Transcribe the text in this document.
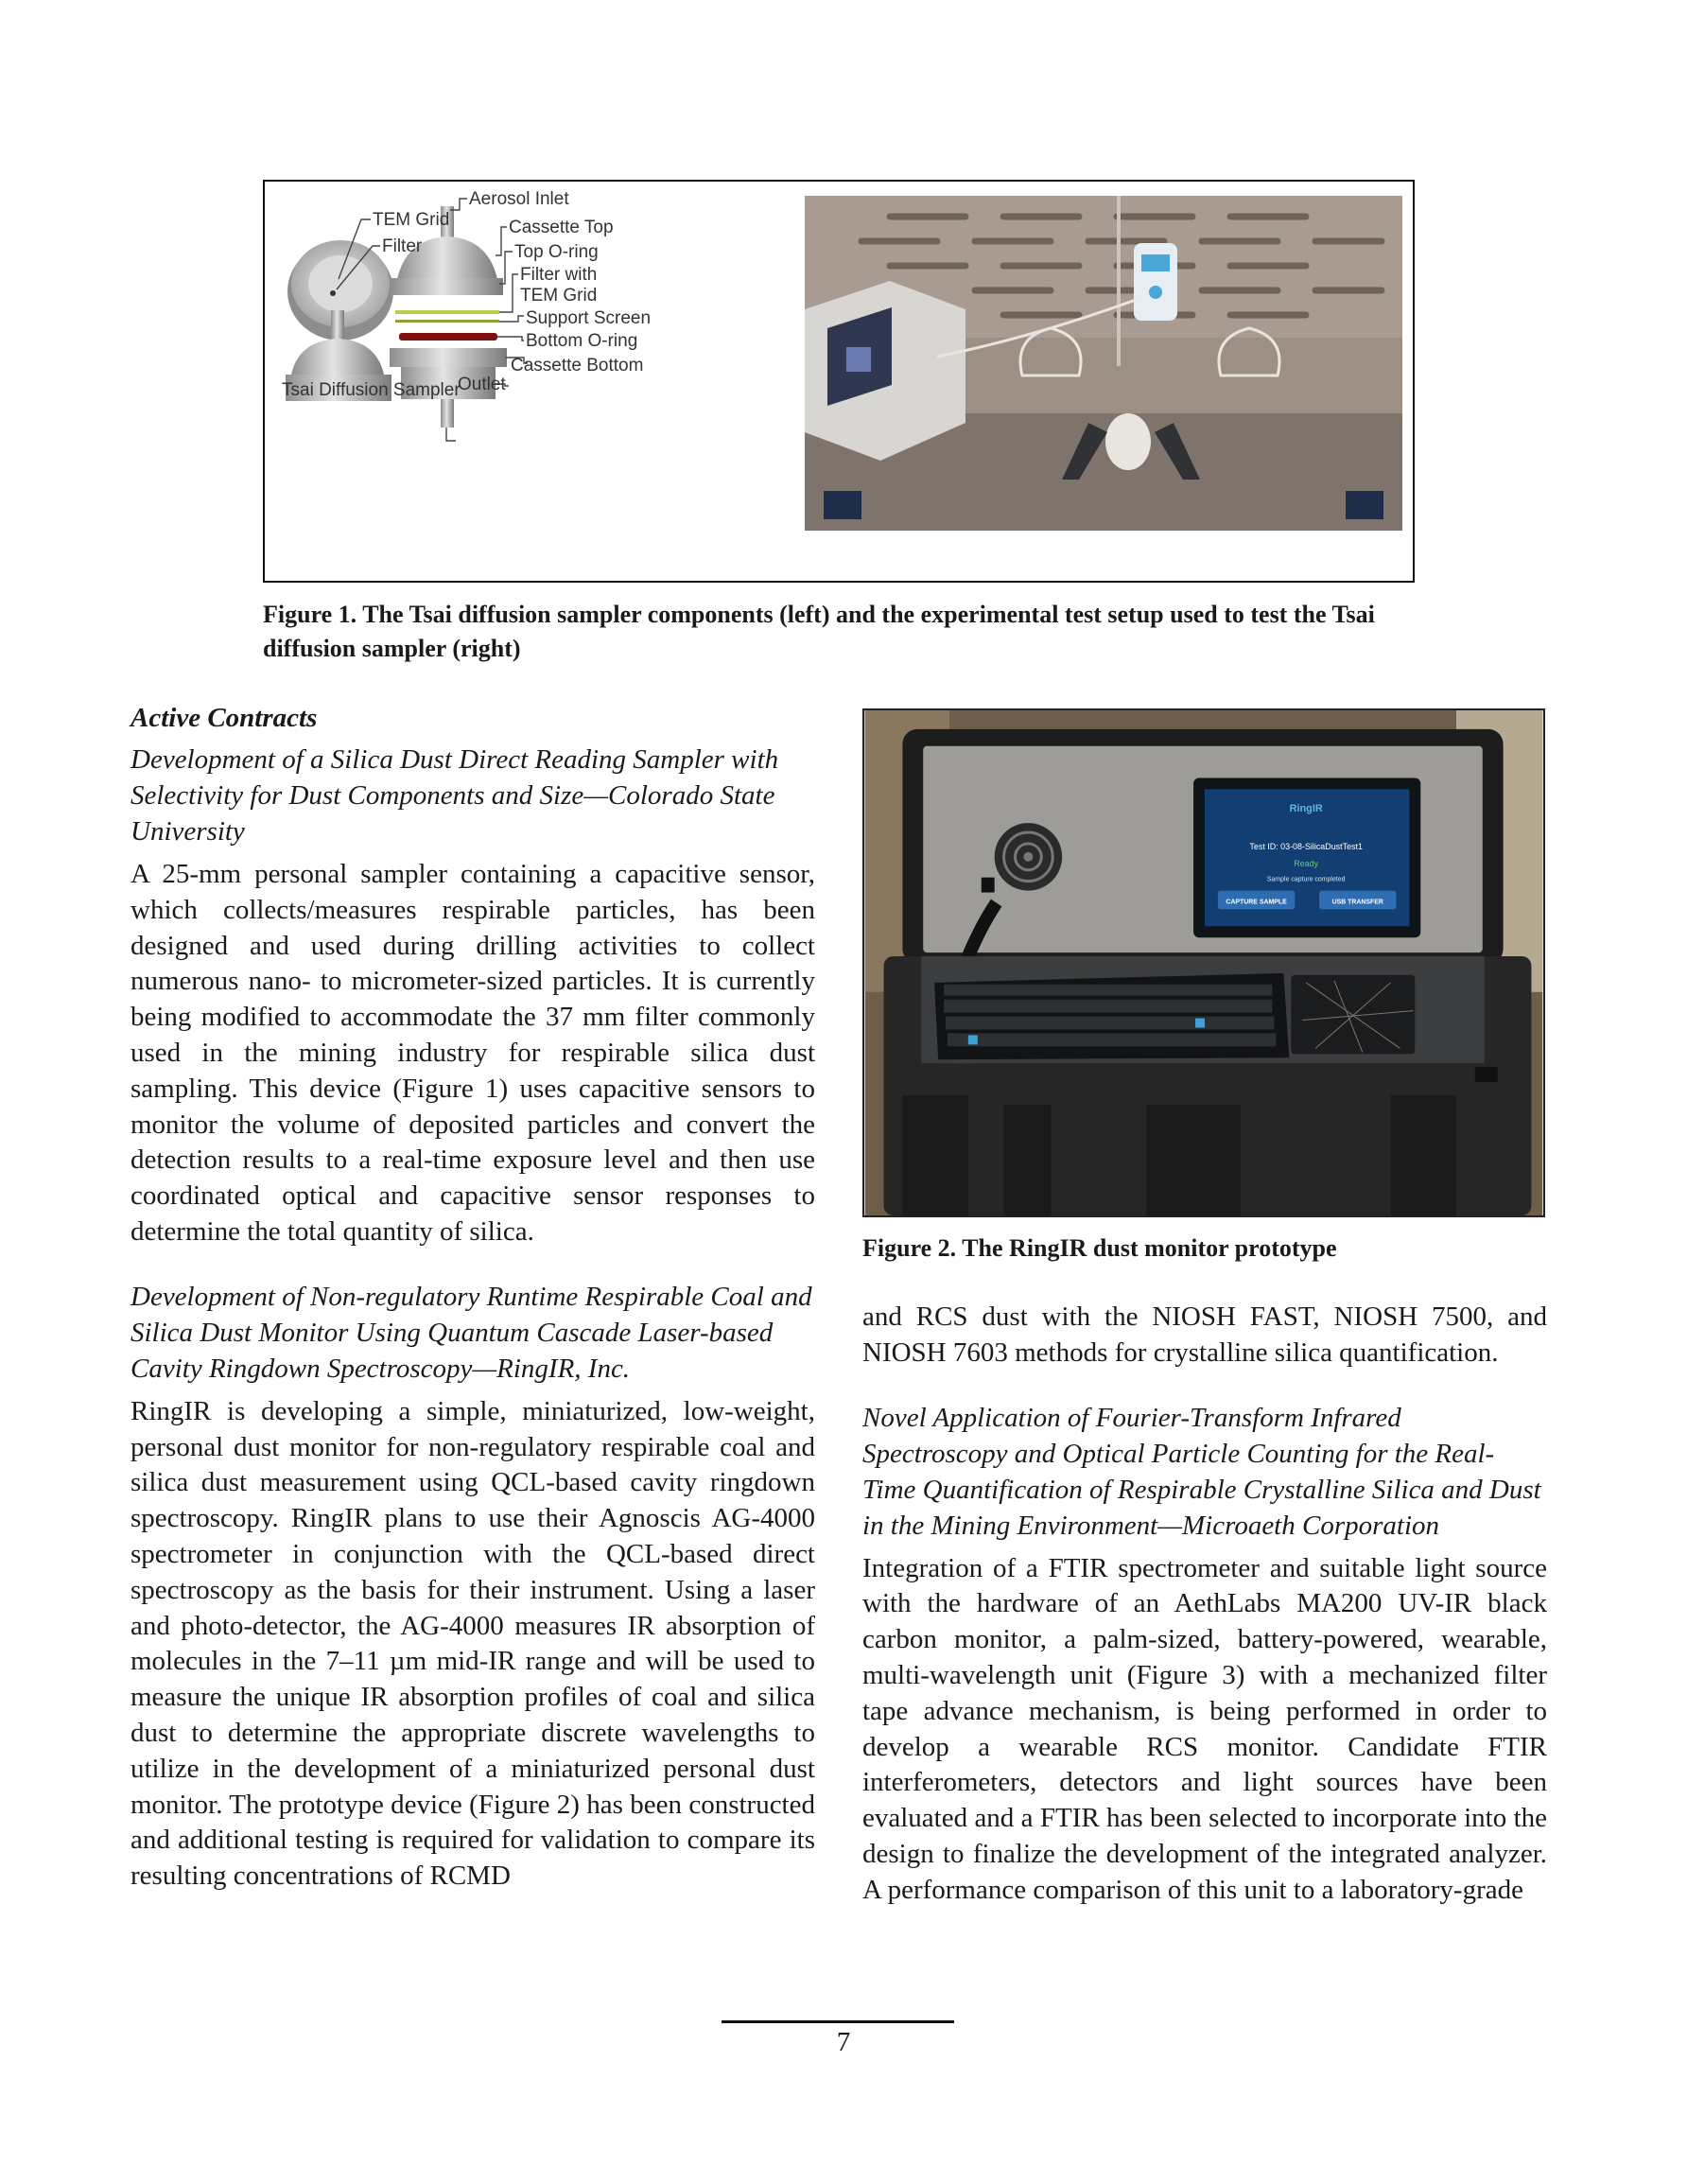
TEM Grid
Filter
Aerosol Inlet
Cassette Top
Top O-ring
Filter with
TEM Grid
Support Screen
Bottom O-ring
Cassette Bottom
Tsai Diffusion Sampler
Outlet
Figure 1. The Tsai diffusion sampler components (left) and the experimental test setup used to test the Tsai diffusion sampler (right)
RingIR
Test ID: 03-08-SilicaDustTest1
Ready
Sample capture completed
CAPTURE SAMPLE	USB TRANSFER
Figure 2. The RingIR dust monitor prototype
Active Contracts

Development of a Silica Dust Direct Reading Sampler with Selectivity for Dust Components and Size—Colorado State University

A 25-mm personal sampler containing a capacitive sensor, which collects/measures respirable particles, has been designed and used during drilling activities to collect numerous nano- to micrometer-sized particles. It is currently being modified to accommodate the 37 mm filter commonly used in the mining industry for respirable silica dust sampling. This device (Figure 1) uses capacitive sensors to monitor the volume of deposited particles and convert the detection results to a real-time exposure level and then use coordinated optical and capacitive sensor responses to determine the total quantity of silica.

Development of Non-regulatory Runtime Respirable Coal and Silica Dust Monitor Using Quantum Cascade Laser-based Cavity Ringdown Spectroscopy—RingIR, Inc.

RingIR is developing a simple, miniaturized, low-weight, personal dust monitor for non-regulatory respirable coal and silica dust measurement using QCL-based cavity ringdown spectroscopy. RingIR plans to use their Agnoscis AG-4000 spectrometer in conjunction with the QCL-based direct spectroscopy as the basis for their instrument. Using a laser and photo-detector, the AG-4000 measures IR absorption of molecules in the 7–11 µm mid-IR range and will be used to measure the unique IR absorption profiles of coal and silica dust to determine the appropriate discrete wavelengths to utilize in the development of a miniaturized personal dust monitor. The prototype device (Figure 2) has been constructed and additional testing is required for validation to compare its resulting concentrations of RCMD

and RCS dust with the NIOSH FAST, NIOSH 7500, and NIOSH 7603 methods for crystalline silica quantification.

Novel Application of Fourier-Transform Infrared Spectroscopy and Optical Particle Counting for the Real-Time Quantification of Respirable Crystalline Silica and Dust in the Mining Environment—Microaeth Corporation

Integration of a FTIR spectrometer and suitable light source with the hardware of an AethLabs MA200 UV-IR black carbon monitor, a palm-sized, battery-powered, wearable, multi-wavelength unit (Figure 3) with a mechanized filter tape advance mechanism, is being performed in order to develop a wearable RCS monitor. Candidate FTIR interferometers, detectors and light sources have been evaluated and a FTIR has been selected to incorporate into the design to finalize the development of the integrated analyzer. A performance comparison of this unit to a laboratory-grade

7
